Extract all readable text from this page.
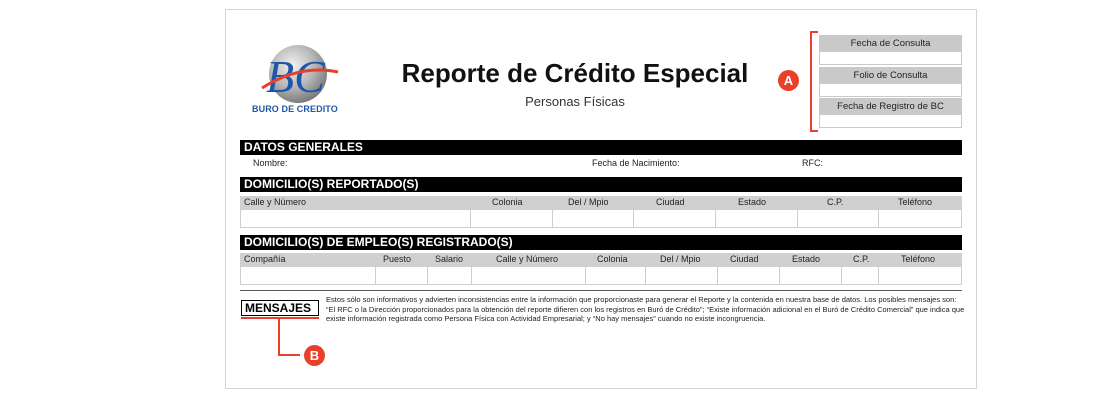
BC
BURO DE CREDITO
Reporte de Crédito Especial
Personas Físicas
A
Fecha de Consulta
Folio de Consulta
Fecha de Registro de BC
DATOS GENERALES
Nombre:	Fecha de Nacimiento:	RFC:
DOMICILIO(S) REPORTADO(S)
Calle y Número	Colonia	Del / Mpio	Ciudad	Estado	C.P.	Teléfono
DOMICILIO(S) DE EMPLEO(S) REGISTRADO(S)
Compañía	Puesto	Salario	Calle y Número	Colonia	Del / Mpio	Ciudad	Estado	C.P.	Teléfono
MENSAJES
Estos sólo son informativos y advierten inconsistencias entre la información que proporcionaste para generar el Reporte y la contenida en nuestra base de datos. Los posibles mensajes son: “El RFC o la Dirección proporcionados para la obtención del reporte difieren con los registros en Buró de Crédito”; “Existe información adicional en el Buró de Crédito Comercial” que indica que existe información registrada como Persona Física con Actividad Empresarial; y “No hay mensajes” cuando no existe incongruencia.
B
